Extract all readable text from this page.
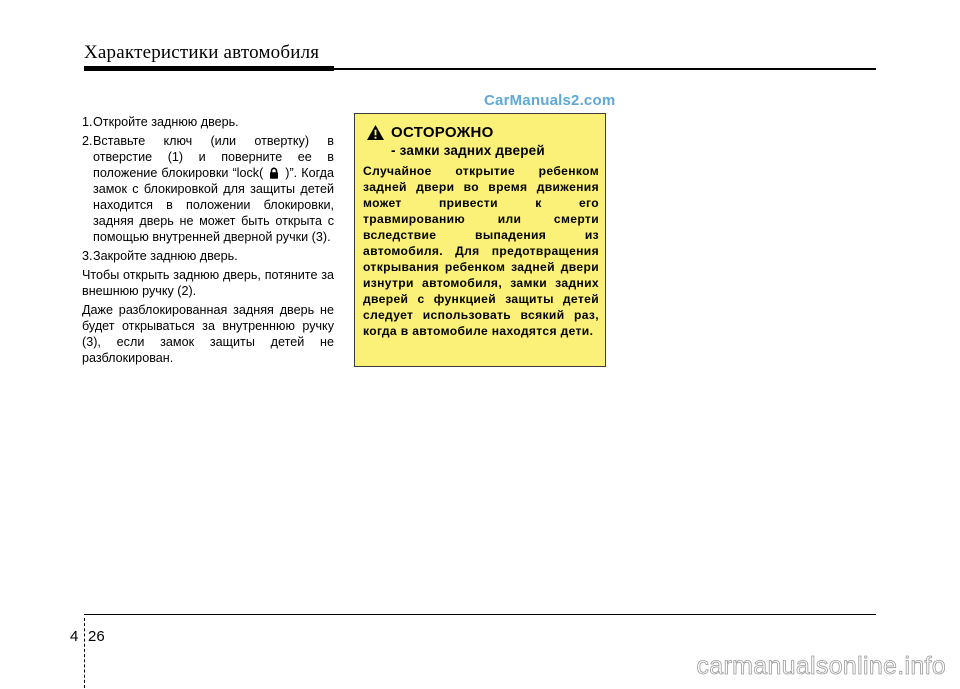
Характеристики автомобиля
CarManuals2.com

1. Откройте заднюю дверь.

2. Вставьте ключ (или отвертку) в отверстие (1) и поверните ее в положение блокировки “lock( )”. Когда замок с блокировкой для защиты детей находится в положении блокировки, задняя дверь не может быть открыта с помощью внутренней дверной ручки (3).

3. Закройте заднюю дверь.

Чтобы открыть заднюю дверь, потяните за внешнюю ручку (2).

Даже разблокированная задняя дверь не будет открываться за внутреннюю ручку (3), если замок защиты детей не разблокирован.

ОСТОРОЖНО
- замки задних дверей

Случайное открытие ребенком задней двери во время движения может привести к его травмированию или смерти вследствие выпадения из автомобиля. Для предотвращения открывания ребенком задней двери изнутри автомобиля, замки задних дверей с функцией защиты детей следует использовать всякий раз, когда в автомобиле находятся дети.

4 26
carmanualsonline.info
